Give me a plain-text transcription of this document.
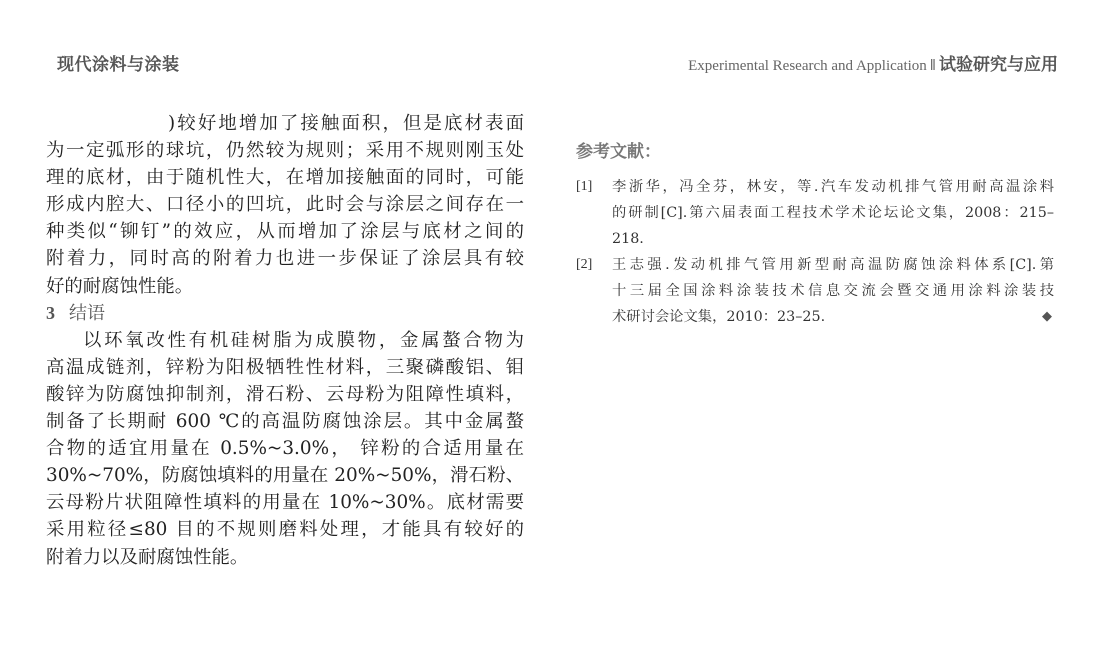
现代涂料与涂装	Experimental Research and Application ‖ 试验研究与应用
)较好地增加了接触面积，但是底材表面
为一定弧形的球坑，仍然较为规则；采用不规则刚玉处
理的底材，由于随机性大，在增加接触面的同时，可能
形成内腔大、口径小的凹坑，此时会与涂层之间存在一
种类似“铆钉”的效应，从而增加了涂层与底材之间的
附着力，同时高的附着力也进一步保证了涂层具有较
好的耐腐蚀性能。
3 结语
以环氧改性有机硅树脂为成膜物，金属螯合物为
高温成链剂，锌粉为阳极牺牲性材料，三聚磷酸铝、钼
酸锌为防腐蚀抑制剂，滑石粉、云母粉为阻障性填料，
制备了长期耐 600 ℃的高温防腐蚀涂层。其中金属螯
合物的适宜用量在 0.5%~3.0%， 锌粉的合适用量在
30%~70%，防腐蚀填料的用量在 20%~50%，滑石粉、
云母粉片状阻障性填料的用量在 10%~30%。底材需要
采用粒径≤80 目的不规则磨料处理，才能具有较好的
附着力以及耐腐蚀性能。
参考文献：
[1] 李浙华，冯全芬，林安，等.汽车发动机排气管用耐高温涂料
的研制[C].第六届表面工程技术学术论坛论文集，2008：215–
218.
[2] 王志强.发动机排气管用新型耐高温防腐蚀涂料体系[C].第
十三届全国涂料涂装技术信息交流会暨交通用涂料涂装技
术研讨会论文集，2010：23–25.	◆
